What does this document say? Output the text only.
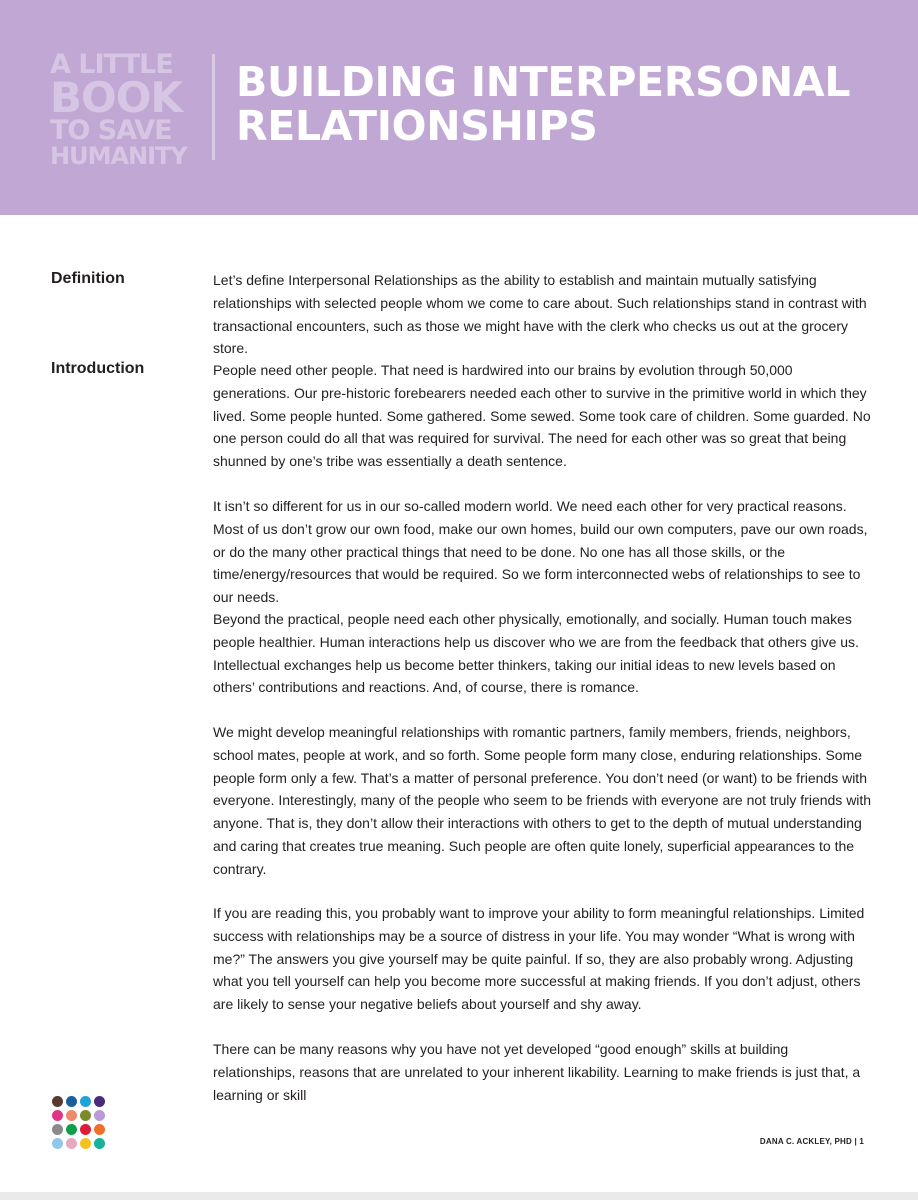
A LITTLE
BOOK
TO SAVE
HUMANITY
BUILDING INTERPERSONAL RELATIONSHIPS
Definition	Let’s define Interpersonal Relationships as the ability to establish and maintain mutually satisfying relationships with selected people whom we come to care about. Such relationships stand in contrast with transactional encounters, such as those we might have with the clerk who checks us out at the grocery store.

Introduction	People need other people. That need is hardwired into our brains by evolution through 50,000 generations. Our pre-historic forebearers needed each other to survive in the primitive world in which they lived. Some people hunted. Some gathered. Some sewed. Some took care of children. Some guarded. No one person could do all that was required for survival. The need for each other was so great that being shunned by one’s tribe was essentially a death sentence.

It isn’t so different for us in our so-called modern world. We need each other for very practical reasons. Most of us don’t grow our own food, make our own homes, build our own computers, pave our own roads, or do the many other practical things that need to be done. No one has all those skills, or the time/energy/resources that would be required. So we form interconnected webs of relationships to see to our needs.

Beyond the practical, people need each other physically, emotionally, and socially. Human touch makes people healthier. Human interactions help us discover who we are from the feedback that others give us. Intellectual exchanges help us become better thinkers, taking our initial ideas to new levels based on others’ contributions and reactions. And, of course, there is romance.

We might develop meaningful relationships with romantic partners, family members, friends, neighbors, school mates, people at work, and so forth. Some people form many close, enduring relationships. Some people form only a few. That’s a matter of personal preference. You don’t need (or want) to be friends with everyone. Interestingly, many of the people who seem to be friends with everyone are not truly friends with anyone. That is, they don’t allow their interactions with others to get to the depth of mutual understanding and caring that creates true meaning. Such people are often quite lonely, superficial appearances to the contrary.

If you are reading this, you probably want to improve your ability to form meaningful relationships. Limited success with relationships may be a source of distress in your life. You may wonder “What is wrong with me?” The answers you give yourself may be quite painful. If so, they are also probably wrong. Adjusting what you tell yourself can help you become more successful at making friends. If you don’t adjust, others are likely to sense your negative beliefs about yourself and shy away.

There can be many reasons why you have not yet developed “good enough” skills at building relationships, reasons that are unrelated to your inherent likability. Learning to make friends is just that, a learning or skill

DANA C. ACKLEY, PHD | 1
